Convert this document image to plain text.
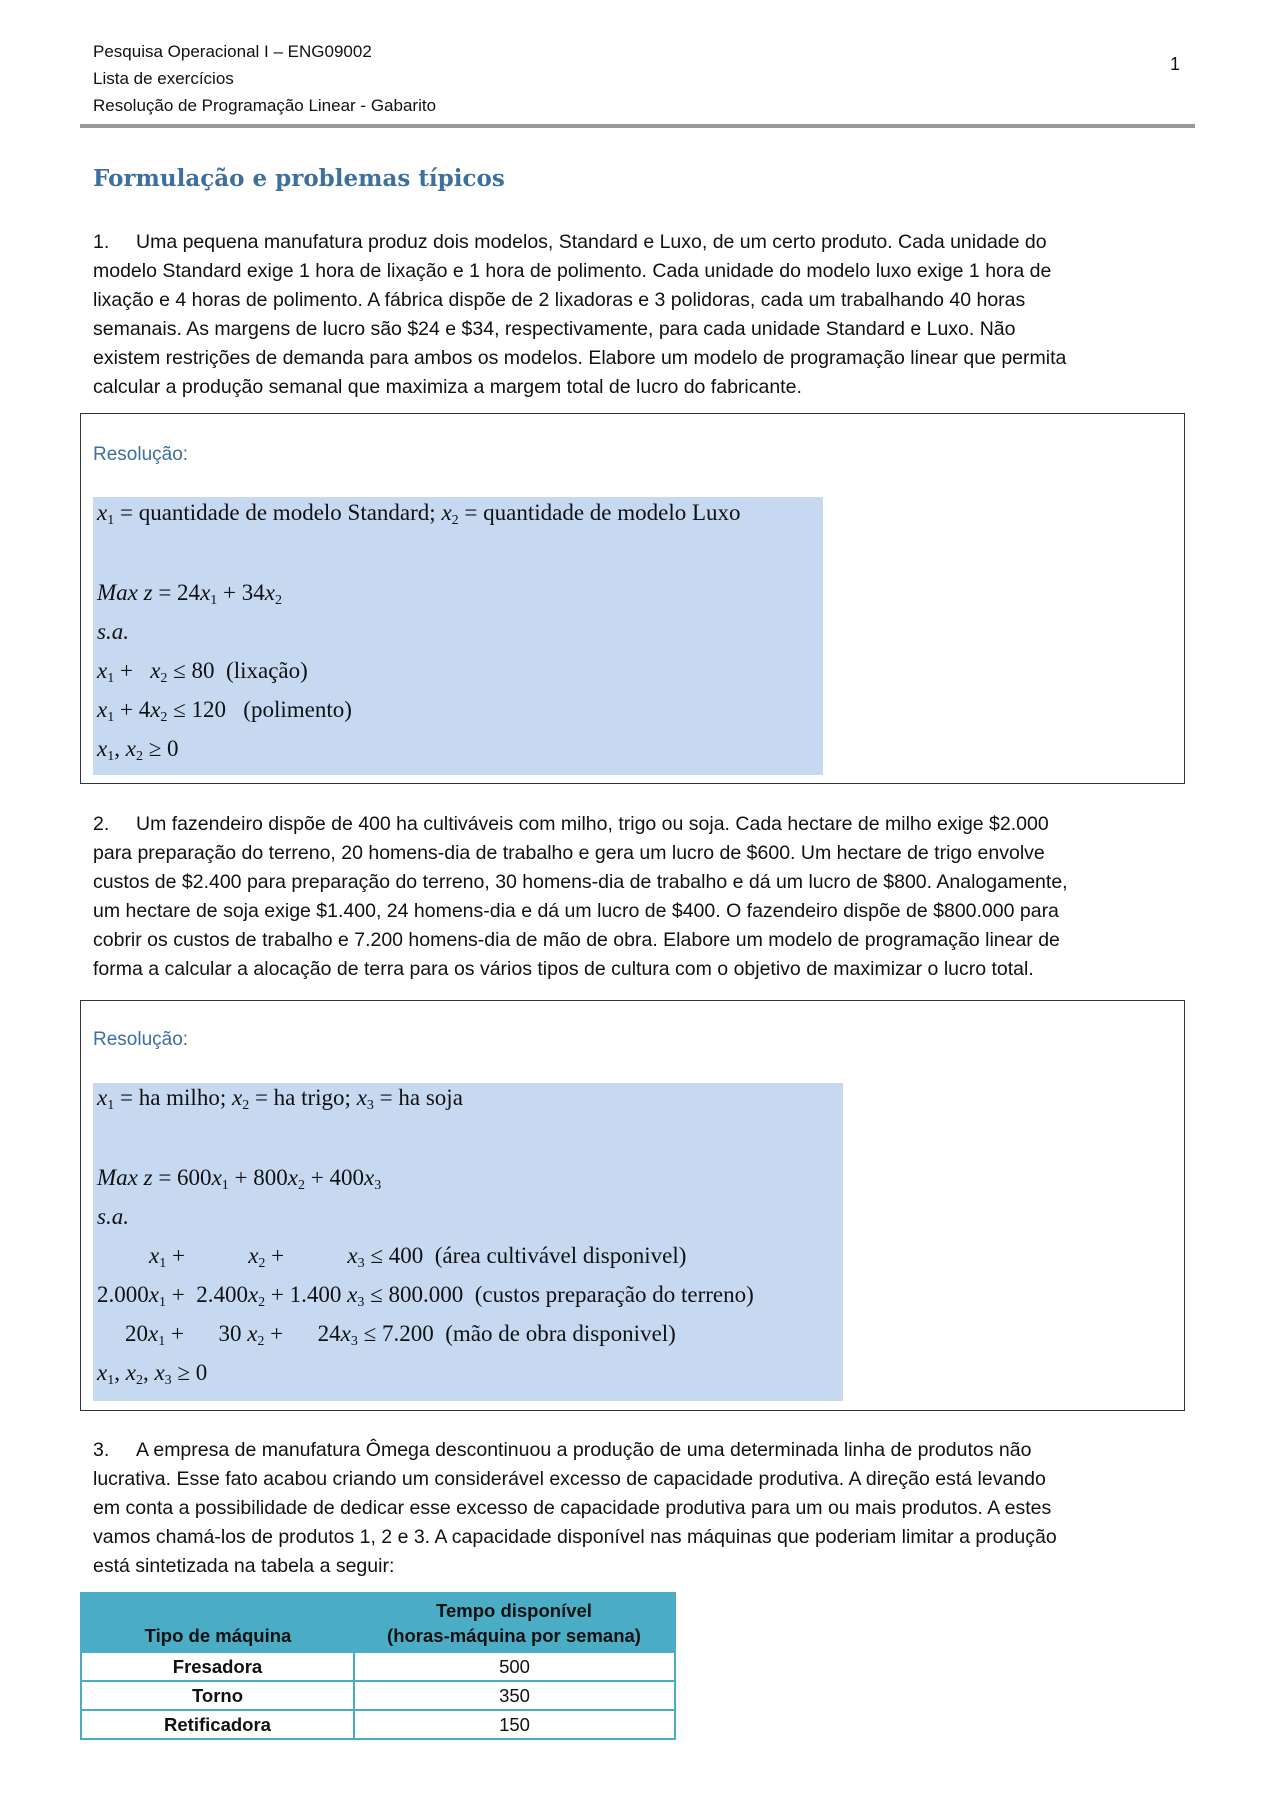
Pesquisa Operacional I – ENG09002
Lista de exercícios
Resolução de Programação Linear - Gabarito
1
Formulação e problemas típicos
1. Uma pequena manufatura produz dois modelos, Standard e Luxo, de um certo produto. Cada unidade do
modelo Standard exige 1 hora de lixação e 1 hora de polimento. Cada unidade do modelo luxo exige 1 hora de
lixação e 4 horas de polimento. A fábrica dispõe de 2 lixadoras e 3 polidoras, cada um trabalhando 40 horas
semanais. As margens de lucro são $24 e $34, respectivamente, para cada unidade Standard e Luxo. Não
existem restrições de demanda para ambos os modelos. Elabore um modelo de programação linear que permita
calcular a produção semanal que maximiza a margem total de lucro do fabricante.
Resolução:
$x_1$ = quantidade de modelo Standard; $x_2$ = quantidade de modelo Luxo
Max $z = 24x_1 + 34x_2$
s.a.
$x_1 + x_2 \le 80$  (lixação)
$x_1 + 4x_2 \le 120$   (polimento)
$x_1$, $x_2 \ge 0$
2. Um fazendeiro dispõe de 400 ha cultiváveis com milho, trigo ou soja. Cada hectare de milho exige $2.000
para preparação do terreno, 20 homens-dia de trabalho e gera um lucro de $600. Um hectare de trigo envolve
custos de $2.400 para preparação do terreno, 30 homens-dia de trabalho e dá um lucro de $800. Analogamente,
um hectare de soja exige $1.400, 24 homens-dia e dá um lucro de $400. O fazendeiro dispõe de $800.000 para
cobrir os custos de trabalho e 7.200 homens-dia de mão de obra. Elabore um modelo de programação linear de
forma a calcular a alocação de terra para os vários tipos de cultura com o objetivo de maximizar o lucro total.
Resolução:
$x_1$ = ha milho; $x_2$ = ha trigo; $x_3$ = ha soja
Max $z = 600x_1 + 800x_2 + 400x_3$
s.a.
$x_1$ +	$x_2$ +	$x_3 \le 400$  (área cultivável disponivel)
$2.000x_1 + 2.400x_2 + 1.400$ $x_3 \le 800.000$  (custos preparação do terreno)
$20x_1$ +      30 $x_2$ +      $24x_3 \le 7.200$  (mão de obra disponivel)
$x_1$, $x_2$, $x_3 \ge 0$
3. A empresa de manufatura Ômega descontinuou a produção de uma determinada linha de produtos não
lucrativa. Esse fato acabou criando um considerável excesso de capacidade produtiva. A direção está levando
em conta a possibilidade de dedicar esse excesso de capacidade produtiva para um ou mais produtos. A estes
vamos chamá-los de produtos 1, 2 e 3. A capacidade disponível nas máquinas que poderiam limitar a produção
está sintetizada na tabela a seguir:
Tipo de máquina	Tempo disponível
(horas-máquina por semana)

Fresadora	500
Torno	350
Retificadora	150
